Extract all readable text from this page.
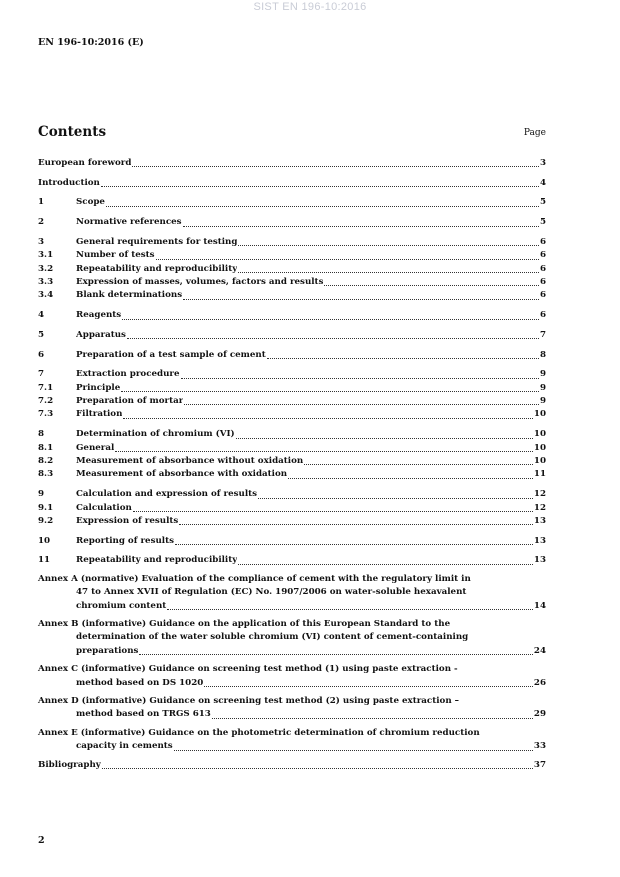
SIST EN 196-10:2016
EN 196-10:2016 (E)
Contents	Page
European foreword	3
Introduction	4
1	Scope	5
2	Normative references	5
3	General requirements for testing	6
3.1	Number of tests	6
3.2	Repeatability and reproducibility	6
3.3	Expression of masses, volumes, factors and results	6
3.4	Blank determinations	6
4	Reagents	6
5	Apparatus	7
6	Preparation of a test sample of cement	8
7	Extraction procedure	9
7.1	Principle	9
7.2	Preparation of mortar	9
7.3	Filtration	10
8	Determination of chromium (VI)	10
8.1	General	10
8.2	Measurement of absorbance without oxidation	10
8.3	Measurement of absorbance with oxidation	11
9	Calculation and expression of results	12
9.1	Calculation	12
9.2	Expression of results	13
10	Reporting of results	13
11	Repeatability and reproducibility	13
Annex A (normative) Evaluation of the compliance of cement with the regulatory limit in
47 to Annex XVII of Regulation (EC) No. 1907/2006 on water-soluble hexavalent
chromium content	14
Annex B (informative) Guidance on the application of this European Standard to the
determination of the water soluble chromium (VI) content of cement-containing
preparations	24
Annex C (informative) Guidance on screening test method (1) using paste extraction -
method based on DS 1020	26
Annex D (informative) Guidance on screening test method (2) using paste extraction –
method based on TRGS 613	29
Annex E (informative) Guidance on the photometric determination of chromium reduction
capacity in cements	33
Bibliography	37
2
